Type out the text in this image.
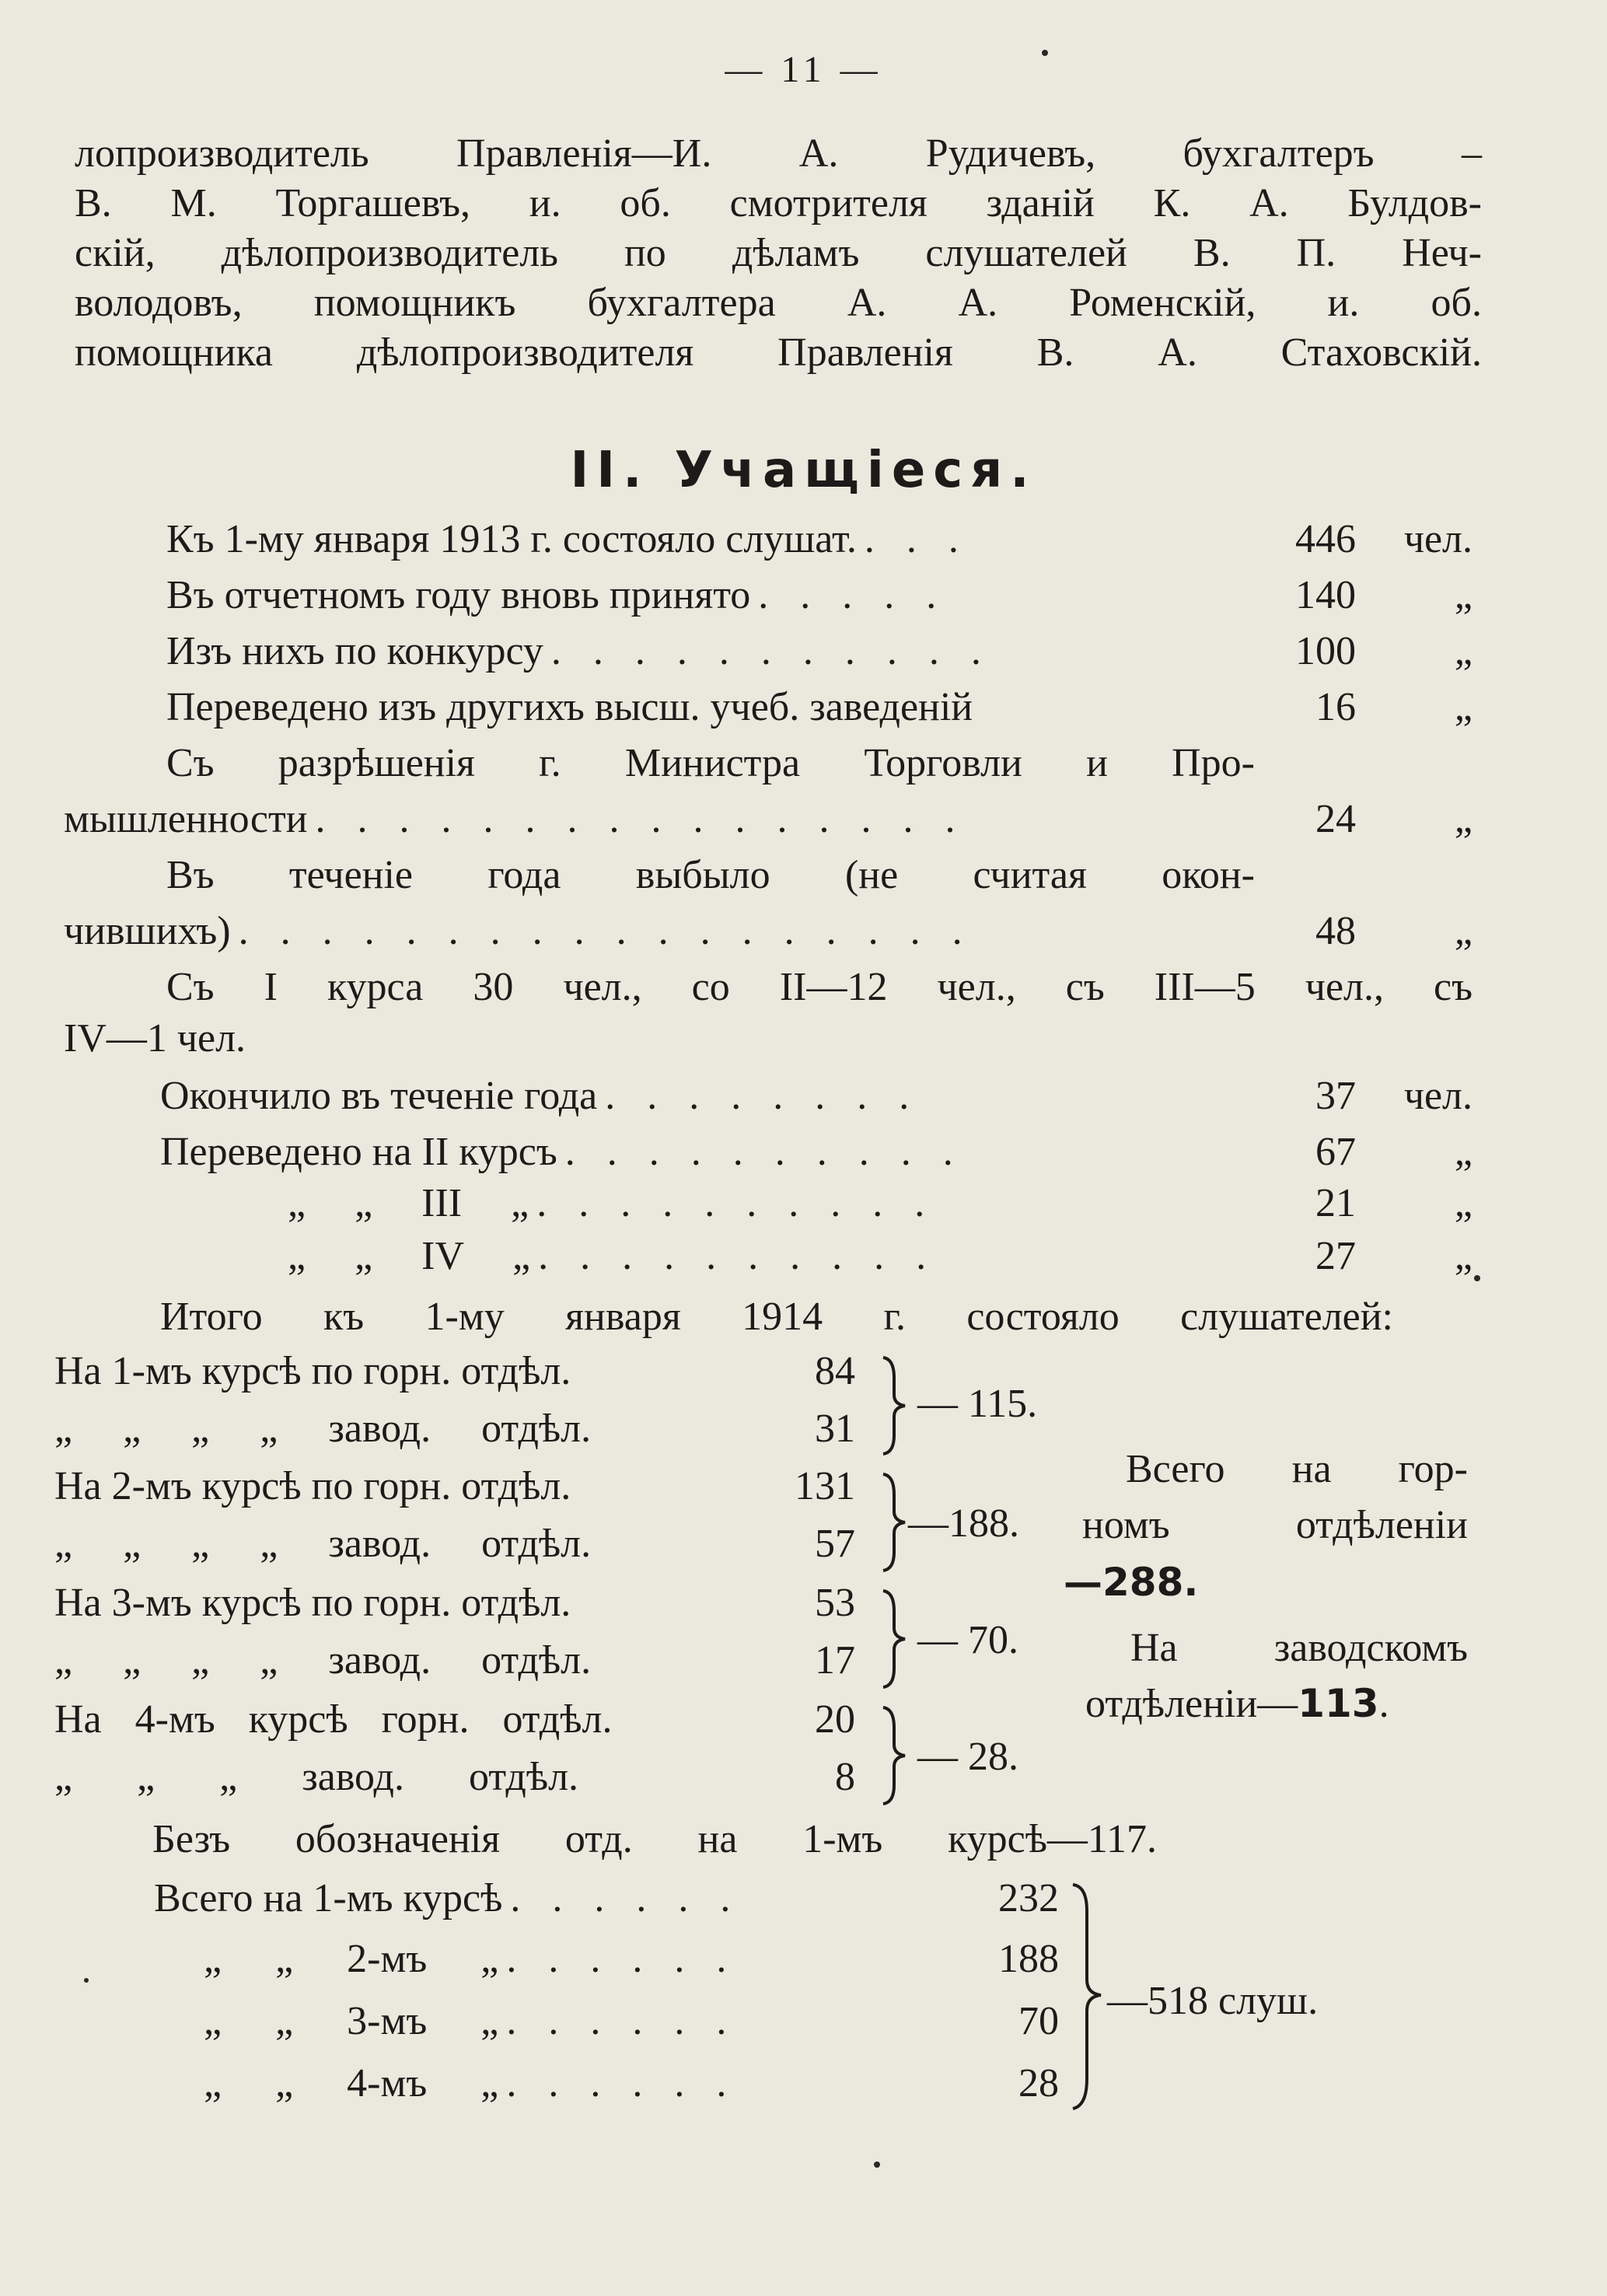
— 11 —
лопроизводитель Правленія—И. А. Рудичевъ, бухгалтеръ –
В. М. Торгашевъ, и. об. смотрителя зданій К. А. Булдов-
скій, дѣлопроизводитель по дѣламъ слушателей В. П. Неч-
володовъ, помощникъ бухгалтера А. А. Роменскій, и. об.
помощника дѣлопроизводителя Правленія В. А. Стаховскій.
II. Учащіеся.
Къ 1-му января 1913 г. состояло слушат. . . .	446	чел.
Въ отчетномъ году вновь принято . . . . .	140	„
Изъ нихъ по конкурсу . . . . . . . . . . .	100	„
Переведено изъ другихъ высш. учеб. заведеній	16	„
Съ разрѣшенія г. Министра Торговли и Про-
мышленности . . . . . . . . . . . . . . . .	24	„
Въ теченіе года выбыло (не считая окон-
чившихъ) . . . . . . . . . . . . . . . . . .	48	„
Съ I курса 30 чел., со II—12 чел., съ III—5 чел., съ
IV—1 чел.
Окончило въ теченіе года . . . . . . . .	37	чел.
Переведено на II курсъ . . . . . . . . . .	67	„
„ „ III „ . . . . . . . . . .	21	„
„ „ IV „ . . . . . . . . . .	27	„
Итого къ 1-му января 1914 г. состояло слушателей:
На 1-мъ курсѣ по горн. отдѣл.	84
„ „ „ „ завод. отдѣл.	31
— 115.
На 2-мъ курсѣ по горн. отдѣл.	131
„ „ „ „ завод. отдѣл.	57 —188.
На 3-мъ курсѣ по горн. отдѣл.	53
„ „ „ „ завод. отдѣл.	17 — 70.
На 4-мъ курсѣ горн. отдѣл.	20
„ „ „ завод. отдѣл.	8 — 28.
Всего на гор-
номъ отдѣленіи
—288.
На заводскомъ
отдѣленіи—113.
Безъ обозначенія отд. на 1-мъ курсѣ—117.
Всего на 1-мъ курсѣ . . . . . .	232
„ „ 2-мъ „ . . . . . .	188
„ „ 3-мъ „ . . . . . .	70
„ „ 4-мъ „ . . . . . .	28
—518 слуш.
